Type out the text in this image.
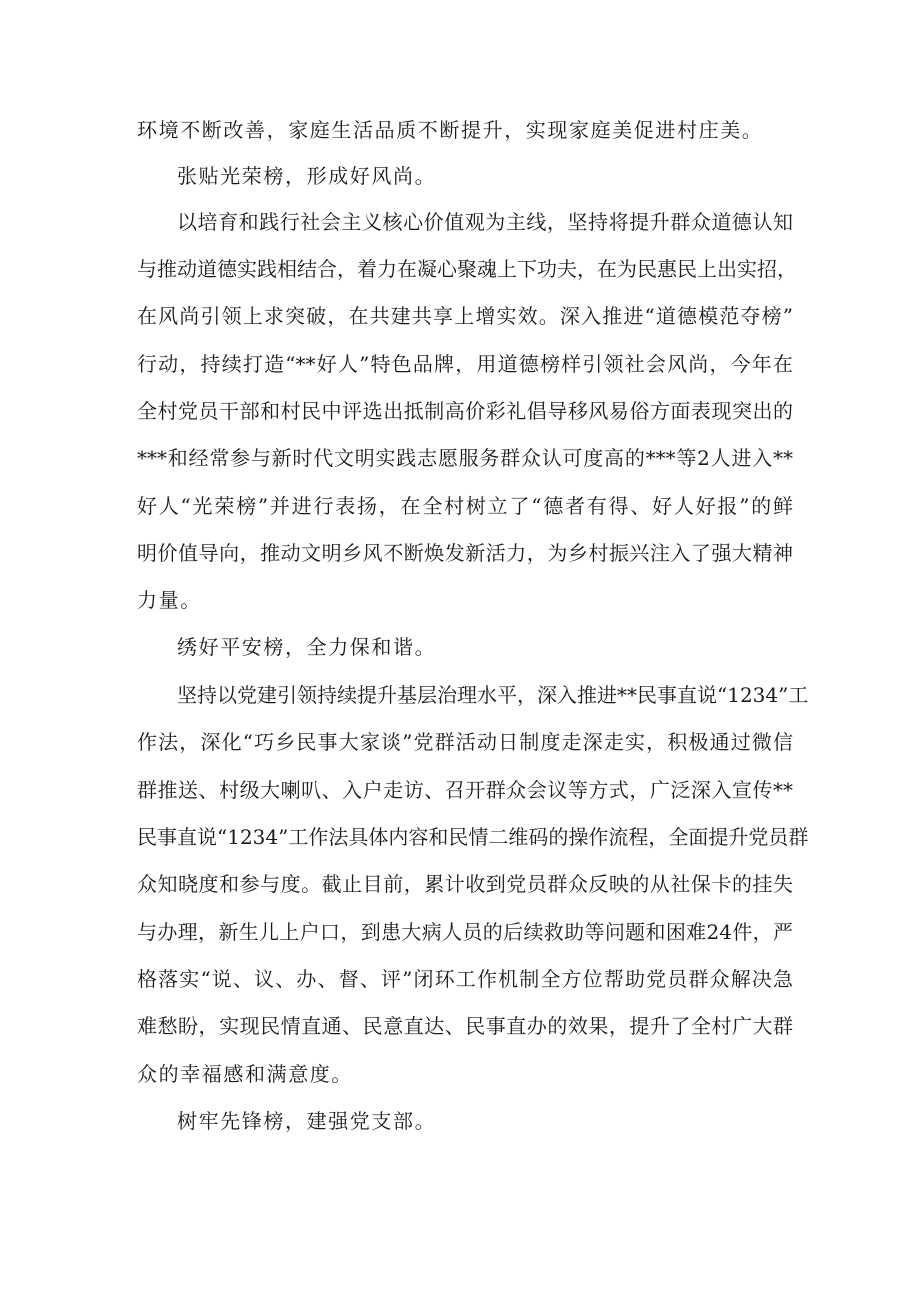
环境不断改善，家庭生活品质不断提升，实现家庭美促进村庄美。
张贴光荣榜，形成好风尚。
以培育和践行社会主义核心价值观为主线，坚持将提升群众道德认知
与推动道德实践相结合，着力在凝心聚魂上下功夫，在为民惠民上出实招，
在风尚引领上求突破，在共建共享上增实效。深入推进“道德模范夺榜”
行动，持续打造“**好人”特色品牌，用道德榜样引领社会风尚，今年在
全村党员干部和村民中评选出抵制高价彩礼倡导移风易俗方面表现突出的
***和经常参与新时代文明实践志愿服务群众认可度高的***等2人进入**
好人“光荣榜”并进行表扬，在全村树立了“德者有得、好人好报”的鲜
明价值导向，推动文明乡风不断焕发新活力，为乡村振兴注入了强大精神
力量。
绣好平安榜，全力保和谐。
坚持以党建引领持续提升基层治理水平，深入推进**民事直说“1234”工
作法，深化“巧乡民事大家谈”党群活动日制度走深走实，积极通过微信
群推送、村级大喇叭、入户走访、召开群众会议等方式，广泛深入宣传**
民事直说“1234”工作法具体内容和民情二维码的操作流程，全面提升党员群
众知晓度和参与度。截止目前，累计收到党员群众反映的从社保卡的挂失
与办理，新生儿上户口，到患大病人员的后续救助等问题和困难24件，严
格落实“说、议、办、督、评”闭环工作机制全方位帮助党员群众解决急
难愁盼，实现民情直通、民意直达、民事直办的效果，提升了全村广大群
众的幸福感和满意度。
树牢先锋榜，建强党支部。
